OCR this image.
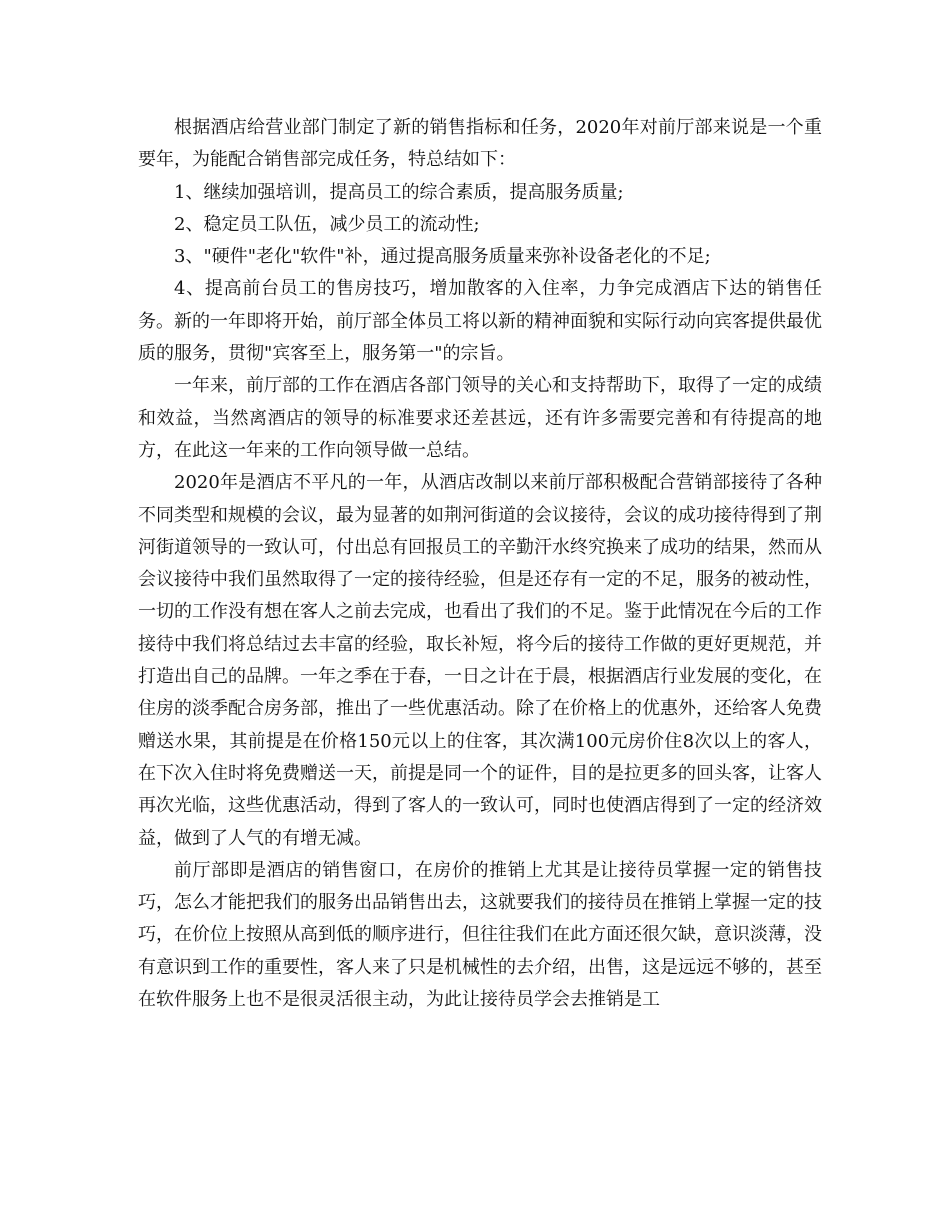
根据酒店给营业部门制定了新的销售指标和任务，2020年对前厅部来说是一个重要年，为能配合销售部完成任务，特总结如下：

1、继续加强培训，提高员工的综合素质，提高服务质量;

2、稳定员工队伍，减少员工的流动性;

3、"硬件"老化"软件"补，通过提高服务质量来弥补设备老化的不足;

4、提高前台员工的售房技巧，增加散客的入住率，力争完成酒店下达的销售任务。新的一年即将开始，前厅部全体员工将以新的精神面貌和实际行动向宾客提供最优质的服务，贯彻"宾客至上，服务第一"的宗旨。

一年来，前厅部的工作在酒店各部门领导的关心和支持帮助下，取得了一定的成绩和效益，当然离酒店的领导的标准要求还差甚远，还有许多需要完善和有待提高的地方，在此这一年来的工作向领导做一总结。

2020年是酒店不平凡的一年，从酒店改制以来前厅部积极配合营销部接待了各种不同类型和规模的会议，最为显著的如荆河街道的会议接待，会议的成功接待得到了荆河街道领导的一致认可，付出总有回报员工的辛勤汗水终究换来了成功的结果，然而从会议接待中我们虽然取得了一定的接待经验，但是还存有一定的不足，服务的被动性，一切的工作没有想在客人之前去完成，也看出了我们的不足。鉴于此情况在今后的工作接待中我们将总结过去丰富的经验，取长补短，将今后的接待工作做的更好更规范，并打造出自己的品牌。一年之季在于春，一日之计在于晨，根据酒店行业发展的变化，在住房的淡季配合房务部，推出了一些优惠活动。除了在价格上的优惠外，还给客人免费赠送水果，其前提是在价格150元以上的住客，其次满100元房价住8次以上的客人，在下次入住时将免费赠送一天，前提是同一个的证件，目的是拉更多的回头客，让客人再次光临，这些优惠活动，得到了客人的一致认可，同时也使酒店得到了一定的经济效益，做到了人气的有增无减。

前厅部即是酒店的销售窗口，在房价的推销上尤其是让接待员掌握一定的销售技巧，怎么才能把我们的服务出品销售出去，这就要我们的接待员在推销上掌握一定的技巧，在价位上按照从高到低的顺序进行，但往往我们在此方面还很欠缺，意识淡薄，没有意识到工作的重要性，客人来了只是机械性的去介绍，出售，这是远远不够的，甚至在软件服务上也不是很灵活很主动，为此让接待员学会去推销是工
